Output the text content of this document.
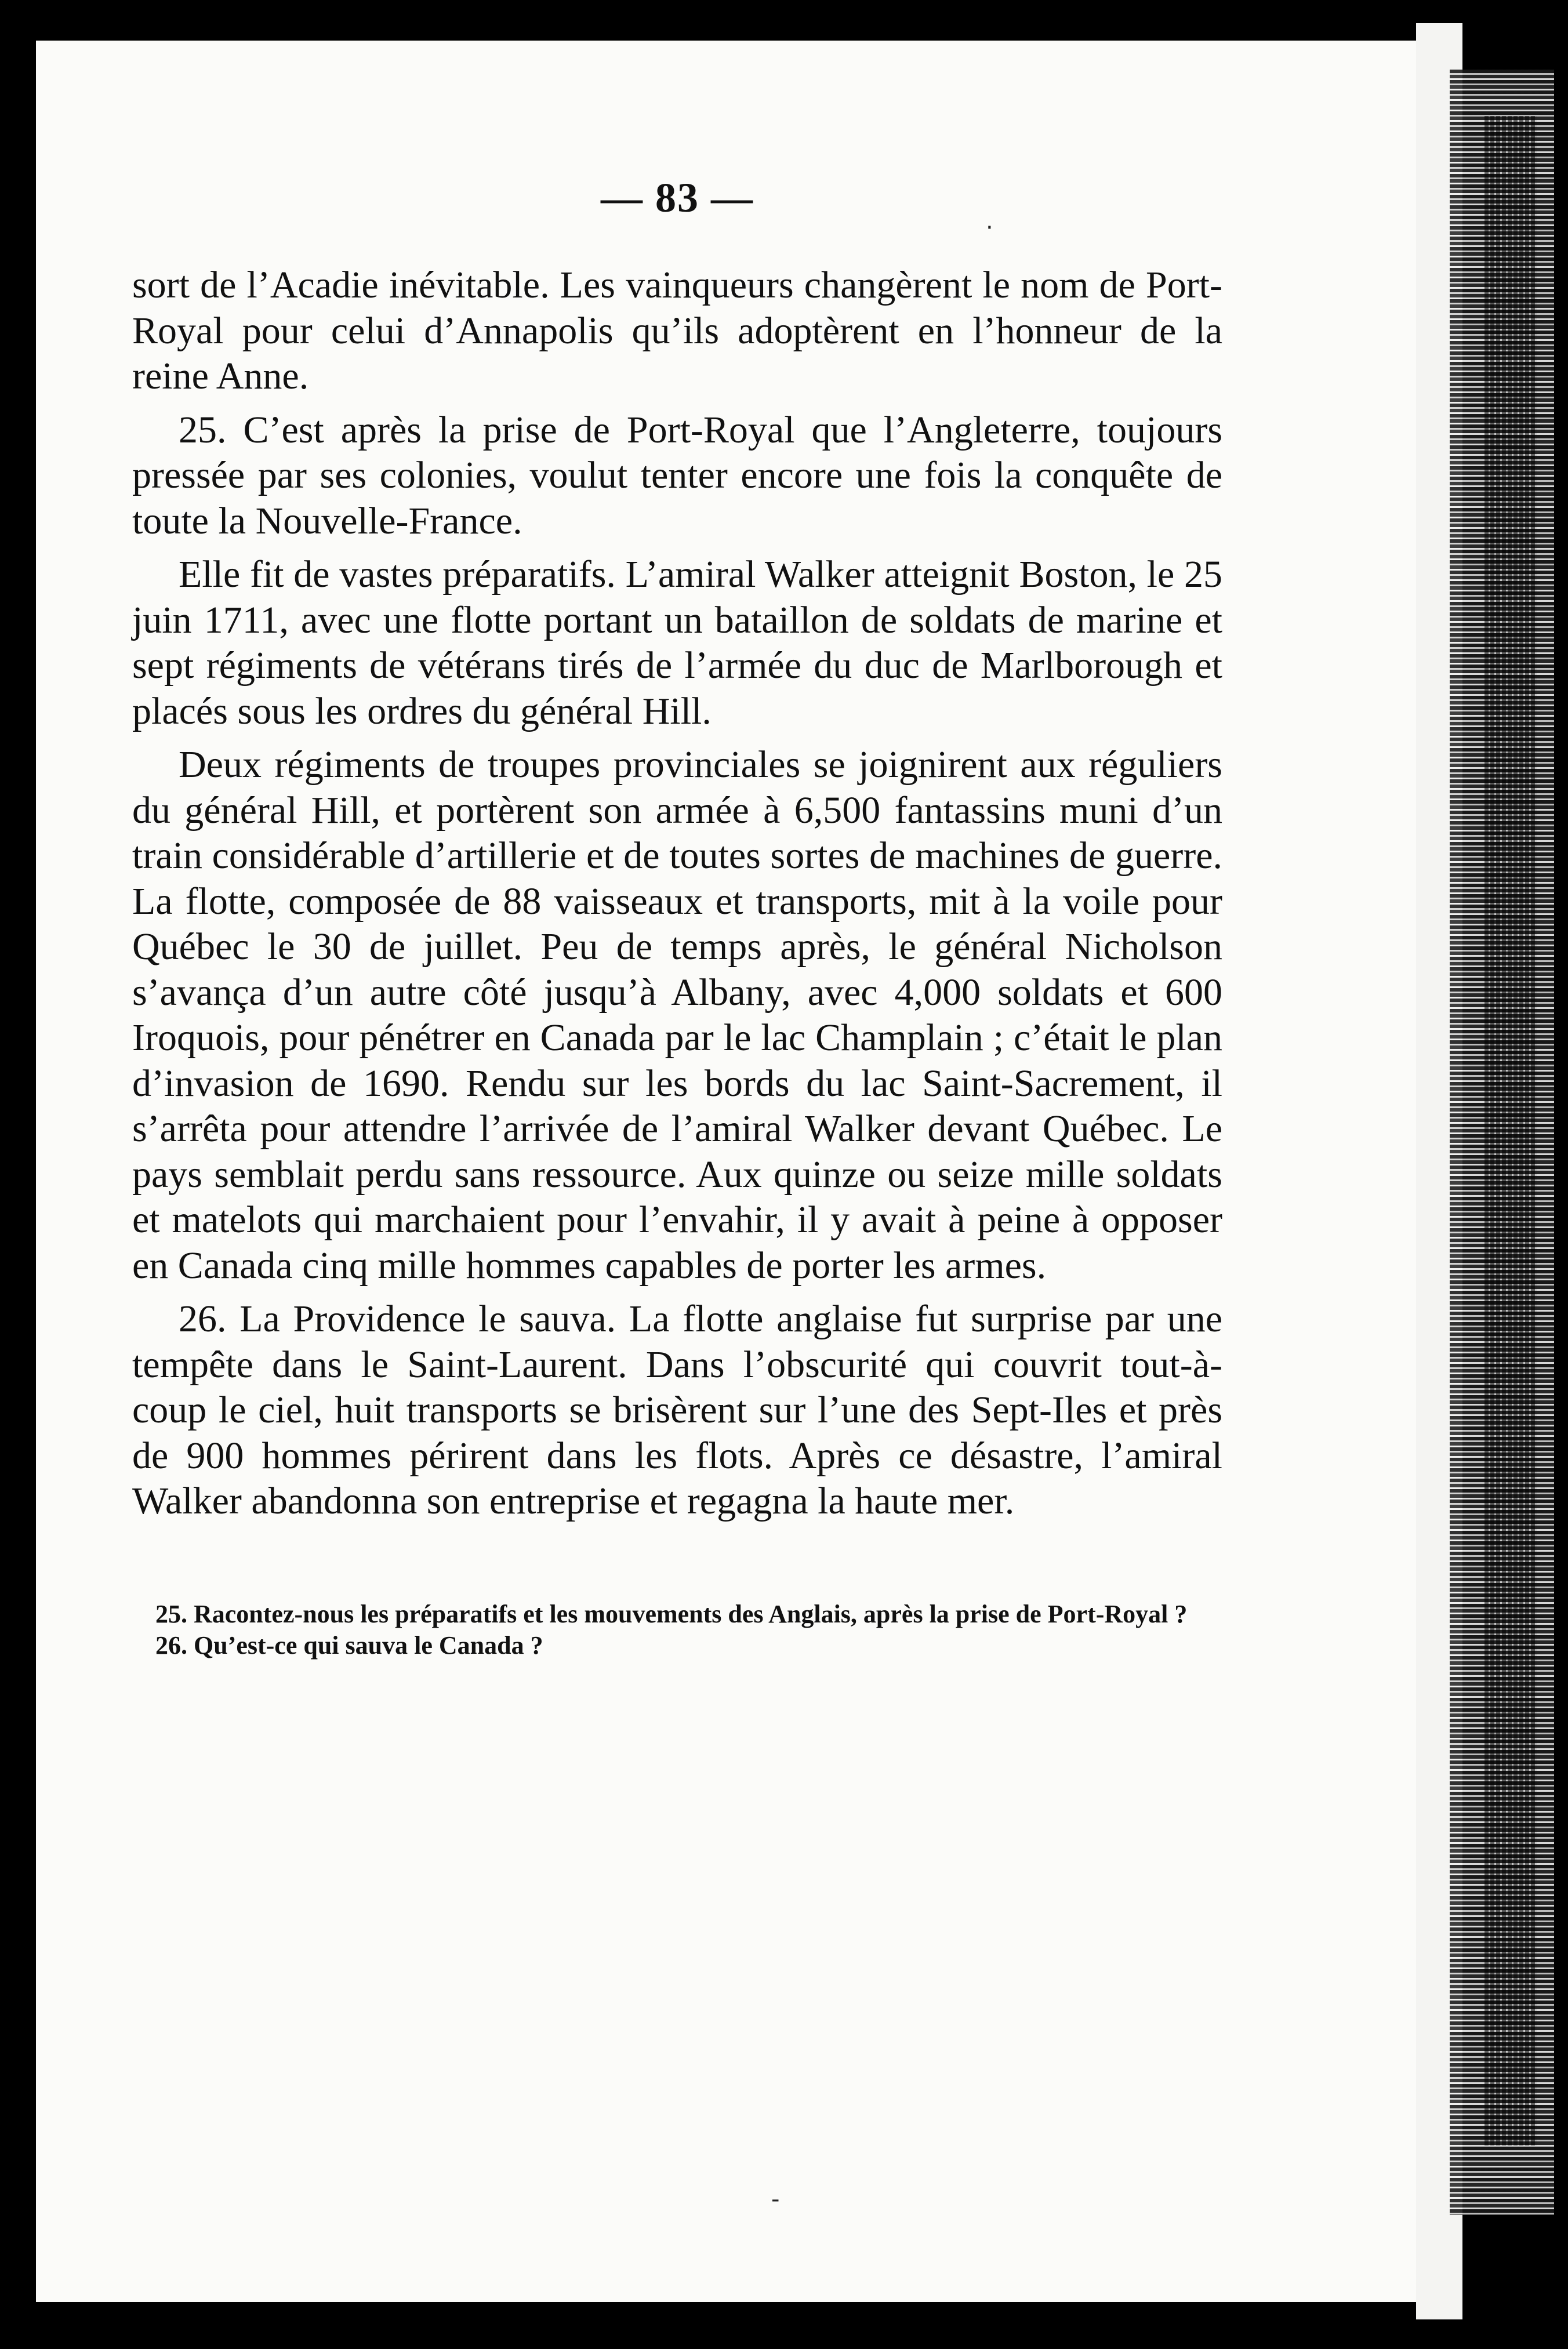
— 83 —

sort de l’Acadie inévitable. Les vainqueurs changèrent le nom de Port-Royal pour celui d’Annapolis qu’ils adoptèrent en l’honneur de la reine Anne.

25. C’est après la prise de Port-Royal que l’Angleterre, toujours pressée par ses colonies, voulut tenter encore une fois la conquête de toute la Nouvelle-France.

Elle fit de vastes préparatifs. L’amiral Walker atteignit Boston, le 25 juin 1711, avec une flotte portant un bataillon de soldats de marine et sept régiments de vétérans tirés de l’armée du duc de Marlborough et placés sous les ordres du général Hill.

Deux régiments de troupes provinciales se joignirent aux réguliers du général Hill, et portèrent son armée à 6,500 fantassins muni d’un train considérable d’artillerie et de toutes sortes de machines de guerre. La flotte, composée de 88 vaisseaux et transports, mit à la voile pour Québec le 30 de juillet. Peu de temps après, le général Nicholson s’avança d’un autre côté jusqu’à Albany, avec 4,000 soldats et 600 Iroquois, pour pénétrer en Canada par le lac Champlain ; c’était le plan d’invasion de 1690. Rendu sur les bords du lac Saint-Sacrement, il s’arrêta pour attendre l’arrivée de l’amiral Walker devant Québec. Le pays semblait perdu sans ressource. Aux quinze ou seize mille soldats et matelots qui marchaient pour l’envahir, il y avait à peine à opposer en Canada cinq mille hommes capables de porter les armes.

26. La Providence le sauva. La flotte anglaise fut surprise par une tempête dans le Saint-Laurent. Dans l’obscurité qui couvrit tout-à-coup le ciel, huit transports se brisèrent sur l’une des Sept-Iles et près de 900 hommes périrent dans les flots. Après ce désastre, l’amiral Walker abandonna son entreprise et regagna la haute mer.

25. Racontez-nous les préparatifs et les mouvements des Anglais, après la prise de Port-Royal ?

26. Qu’est-ce qui sauva le Canada ?

·
-
